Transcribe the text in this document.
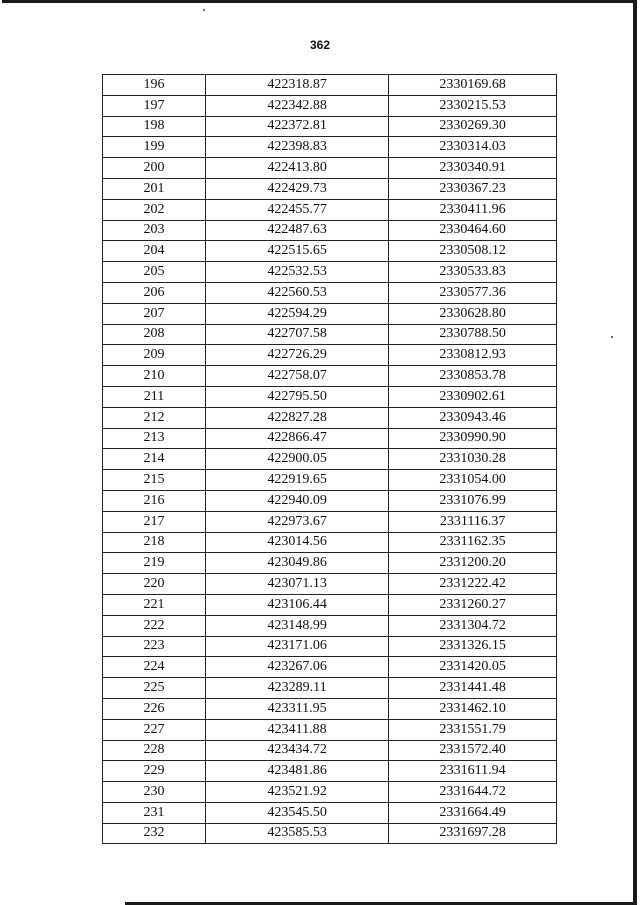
362
196	422318.87	2330169.68
197	422342.88	2330215.53
198	422372.81	2330269.30
199	422398.83	2330314.03
200	422413.80	2330340.91
201	422429.73	2330367.23
202	422455.77	2330411.96
203	422487.63	2330464.60
204	422515.65	2330508.12
205	422532.53	2330533.83
206	422560.53	2330577.36
207	422594.29	2330628.80
208	422707.58	2330788.50
209	422726.29	2330812.93
210	422758.07	2330853.78
211	422795.50	2330902.61
212	422827.28	2330943.46
213	422866.47	2330990.90
214	422900.05	2331030.28
215	422919.65	2331054.00
216	422940.09	2331076.99
217	422973.67	2331116.37
218	423014.56	2331162.35
219	423049.86	2331200.20
220	423071.13	2331222.42
221	423106.44	2331260.27
222	423148.99	2331304.72
223	423171.06	2331326.15
224	423267.06	2331420.05
225	423289.11	2331441.48
226	423311.95	2331462.10
227	423411.88	2331551.79
228	423434.72	2331572.40
229	423481.86	2331611.94
230	423521.92	2331644.72
231	423545.50	2331664.49
232	423585.53	2331697.28
